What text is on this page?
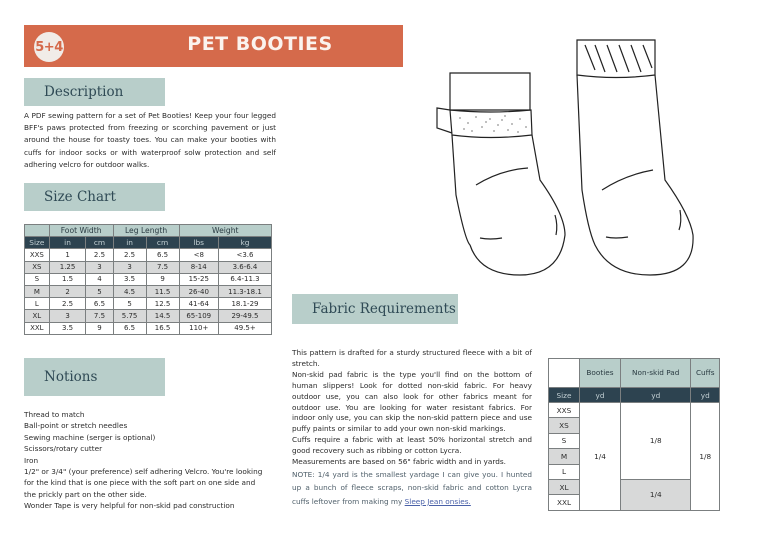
5+4	PET BOOTIES
Description
A PDF sewing pattern for a set of Pet Booties! Keep your four legged BFF's paws protected from freezing or scorching pavement or just around the house for toasty toes. You can make your booties with cuffs for indoor socks or with waterproof solw protection and self adhering velcro for outdoor walks.
Size Chart
	Foot Width		Leg Length		Weight	
Size	in	cm	in	cm	lbs	kg
XXS	1	2.5	2.5	6.5	<8	<3.6
XS	1.25	3	3	7.5	8-14	3.6-6.4
S	1.5	4	3.5	9	15-25	6.4-11.3
M	2	5	4.5	11.5	26-40	11.3-18.1
L	2.5	6.5	5	12.5	41-64	18.1-29
XL	3	7.5	5.75	14.5	65-109	29-49.5
XXL	3.5	9	6.5	16.5	110+	49.5+
Notions
Thread to match
Ball-point or stretch needles
Sewing machine (serger is optional)
Scissors/rotary cutter
Iron
1/2" or 3/4" (your preference) self adhering Velcro. You're looking for the kind that is one piece with the soft part on one side and the prickly part on the other side.
Wonder Tape is very helpful for non-skid pad construction
Fabric Requirements
This pattern is drafted for a sturdy structured fleece with a bit of stretch.
Non-skid pad fabric is the type you'll find on the bottom of human slippers! Look for dotted non-skid fabric. For heavy outdoor use, you can also look for other fabrics meant for outdoor use. You are looking for water resistant fabrics. For indoor only use, you can skip the non-skid pattern piece and use puffy paints or similar to add your own non-skid markings.
Cuffs require a fabric with at least 50% horizontal stretch and good recovery such as ribbing or cotton Lycra.
Measurements are based on 56" fabric width and in yards.
NOTE: 1/4 yard is the smallest yardage I can give you. I hunted up a bunch of fleece scraps, non-skid fabric and cotton Lycra cuffs leftover from making my Sleep Jean onsies.
	Booties	Non-skid Pad	Cuffs
Size	yd	yd	yd
XXS	1/4	1/8	1/8
XS			
S			
M			
L			
XL		1/4	
XXL			
